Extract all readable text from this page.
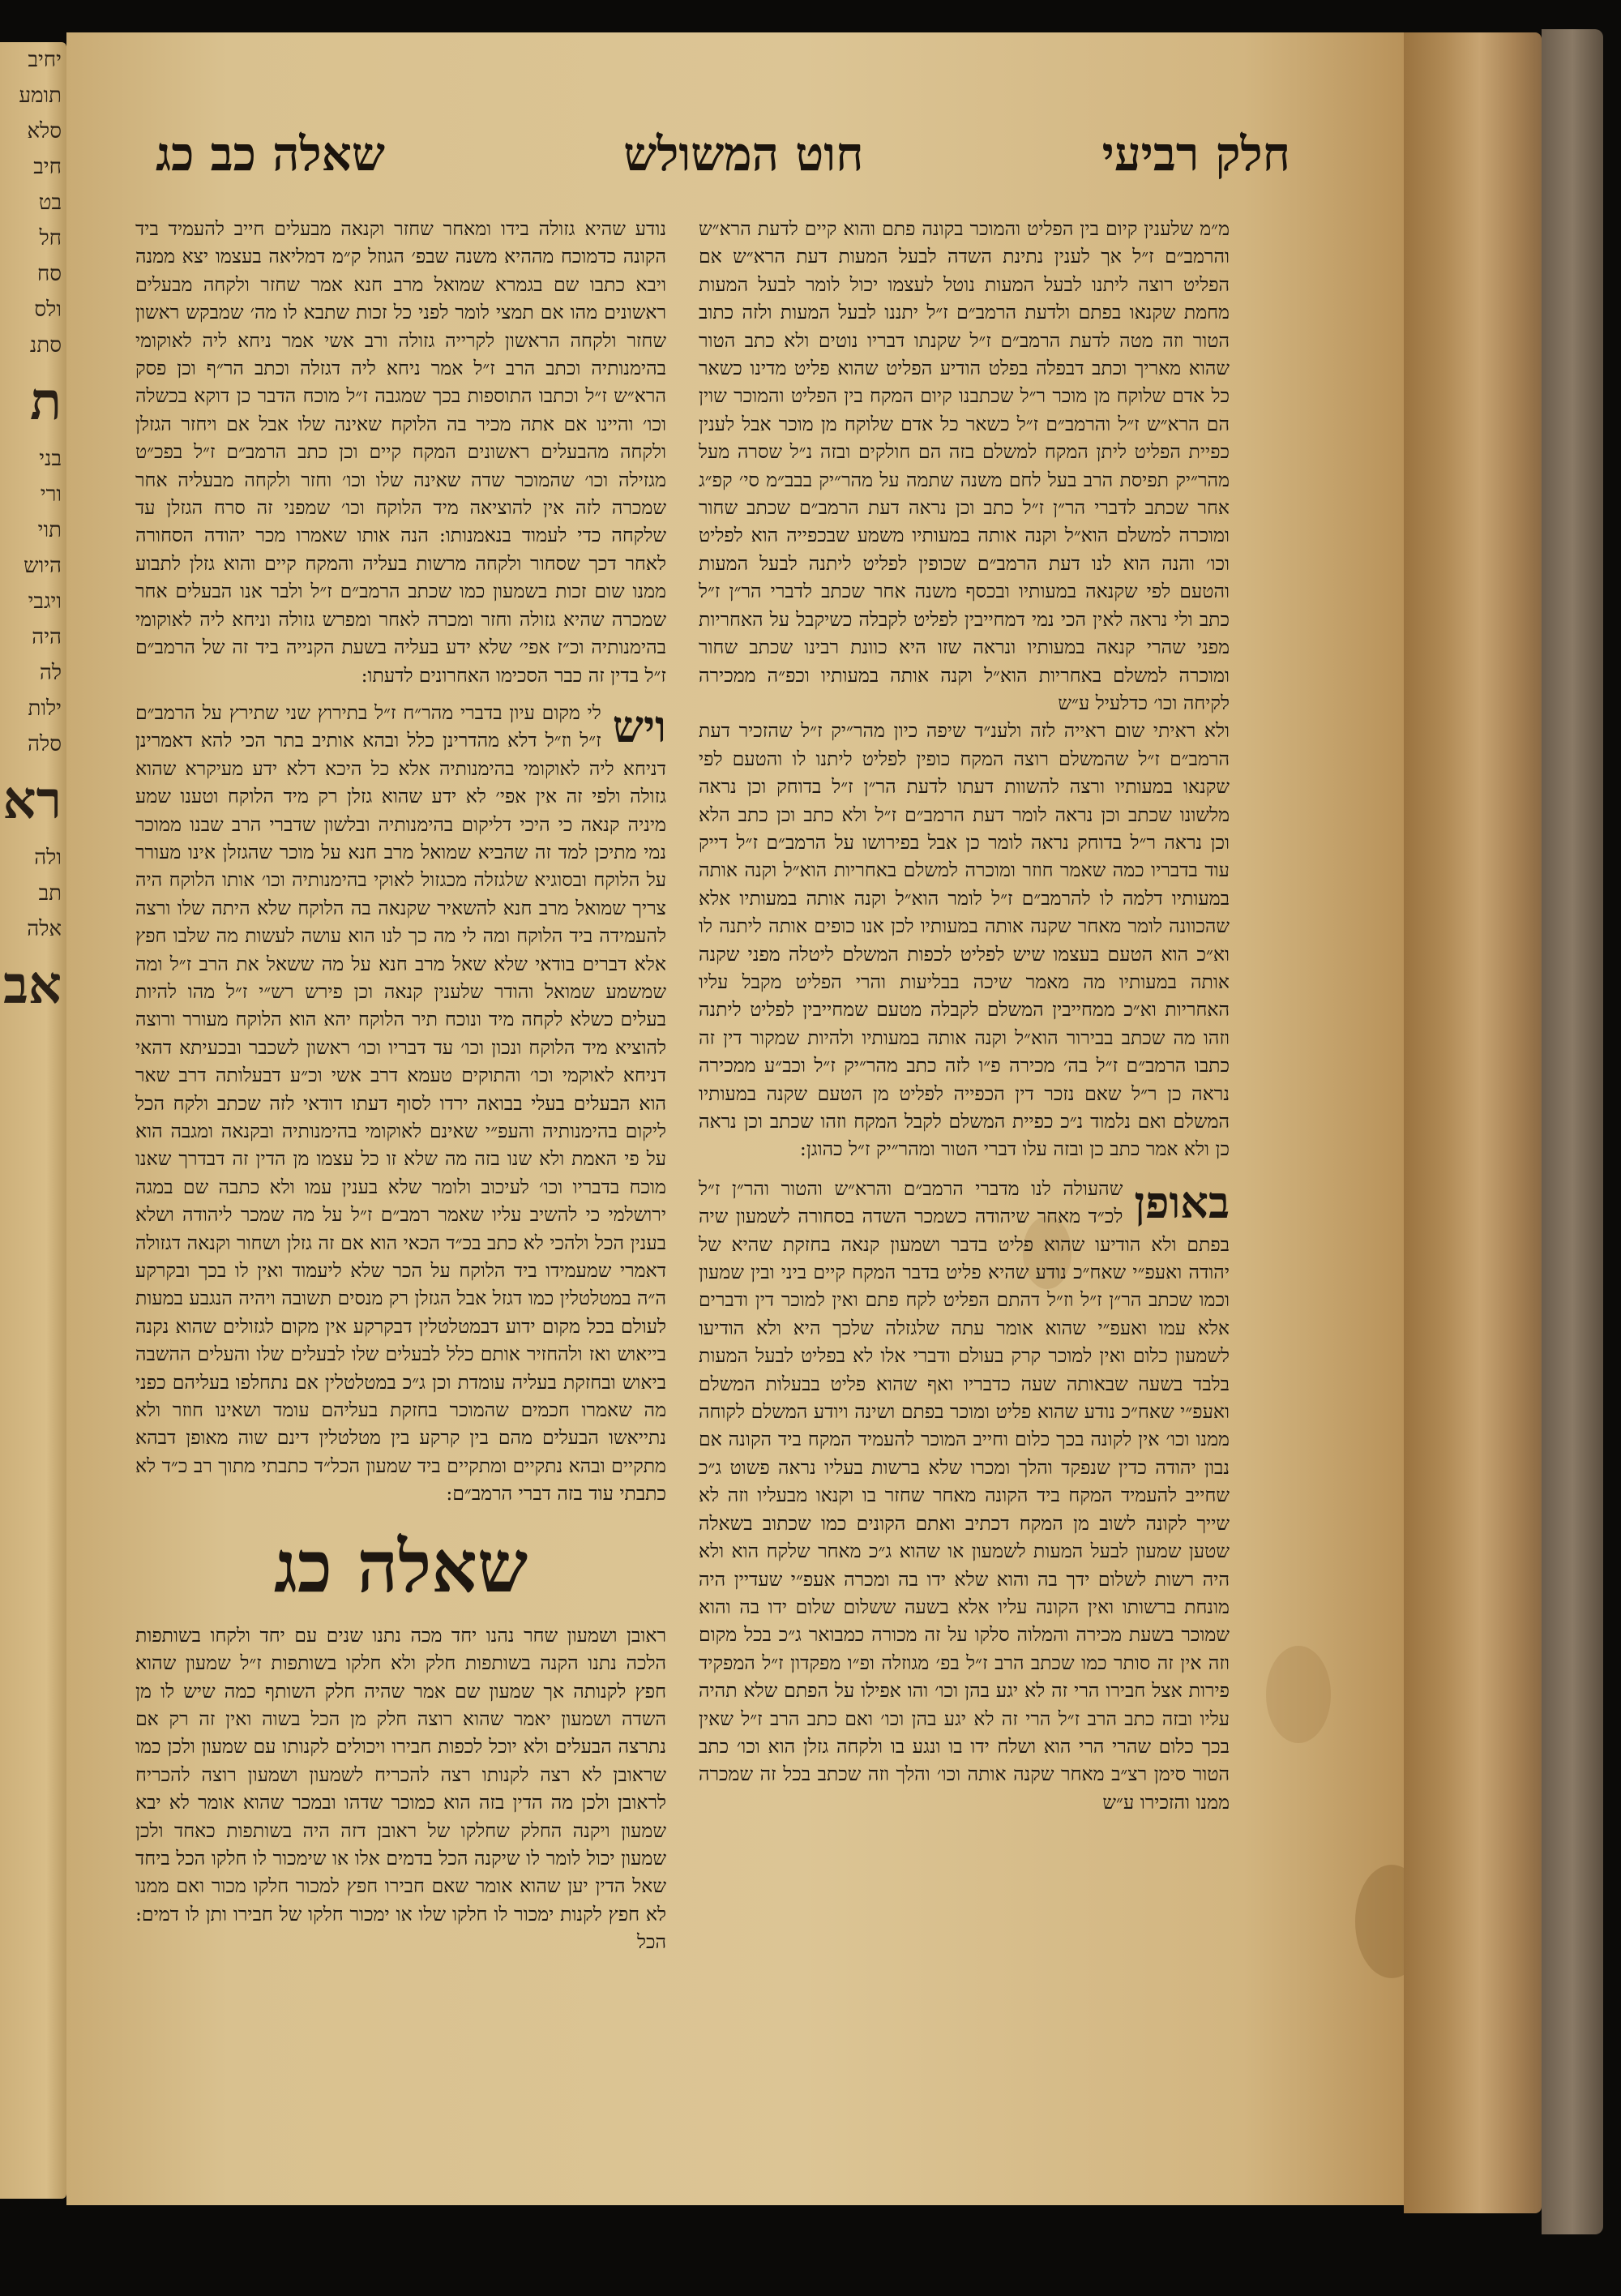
יחיב
תומע
סלא
חיב
בט
חל
סח
ולס
סתנ
ת
בני
ורי
תוי
היוש
ויגבי
היה
לה
ילות
סלה
רא
ולה
תב
אלה
אב
חלק רביעי
חוט המשולש
שאלה כב כג

מ״מ שלענין קיום בין הפליט והמוכר בקונה פתם והוא קיים לדעת הרא״ש והרמב״ם ז״ל אך לענין נתינת השדה לבעל המעות דעת הרא״ש אם הפליט רוצה ליתנו לבעל המעות נוטל לעצמו יכול לומר לבעל המעות מחמת שקנאו בפתם ולדעת הרמב״ם ז״ל יתננו לבעל המעות ולזה כתוב הטור וזה מטה לדעת הרמב״ם ז״ל שקנתו דבריו נוטים ולא כתב הטור שהוא מאריך וכתב דבפלה בפלט הודיע הפליט שהוא פליט מדינו כשאר כל אדם שלוקח מן מוכר ר״ל שכתבנו קיום המקח בין הפליט והמוכר שוין הם הרא״ש ז״ל והרמב״ם ז״ל כשאר כל אדם שלוקח מן מוכר אבל לענין כפיית הפליט ליתן המקח למשלם בזה הם חולקים ובזה נ״ל שסרה מעל מהר״יק תפיסת הרב בעל לחם משנה שתמה על מהר״יק בבב״מ סי׳ קפ״ג אחר שכתב לדברי הר״ן ז״ל כתב וכן נראה דעת הרמב״ם שכתב שחור ומוכרה למשלם הוא״ל וקנה אותה במעותיו משמע שבכפייה הוא לפליט וכו׳ והנה הוא לנו דעת הרמב״ם שכופין לפליט ליתנה לבעל המעות והטעם לפי שקנאה במעותיו ובכסף משנה אחר שכתב לדברי הר״ן ז״ל כתב ולי נראה לאין הכי נמי דמחייבין לפליט לקבלה כשיקבל על האחריות מפני שהרי קנאה במעותיו ונראה שזו היא כוונת רבינו שכתב שחור ומוכרה למשלם באחריות הוא״ל וקנה אותה במעותיו וכפ״ה ממכירה לקיחה וכו׳ כדלעיל ע״ש

ולא ראיתי שום ראייה לזה ולענ״ד שיפה כיון מהר״יק ז״ל שהזכיר דעת הרמב״ם ז״ל שהמשלם רוצה המקח כופין לפליט ליתנו לו והטעם לפי שקנאו במעותיו ורצה להשוות דעתו לדעת הר״ן ז״ל בדוחק וכן נראה מלשונו שכתב וכן נראה לומר דעת הרמב״ם ז״ל ולא כתב וכן כתב הלא וכן נראה ר״ל בדוחק נראה לומר כן אבל בפירושו על הרמב״ם ז״ל דייק עוד בדבריו כמה שאמר חוזר ומוכרה למשלם באחריות הוא״ל וקנה אותה במעותיו דלמה לו להרמב״ם ז״ל לומר הוא״ל וקנה אותה במעותיו אלא שהכוונה לומר מאחר שקנה אותה במעותיו לכן אנו כופים אותה ליתנה לו וא״כ הוא הטעם בעצמו שיש לפליט לכפות המשלם ליטלה מפני שקנה אותה במעותיו מה מאמר שיכה בבליעות והרי הפליט מקבל עליו האחריות וא״כ ממחייבין המשלם לקבלה מטעם שמחייבין לפליט ליתנה וזהו מה שכתב בבירור הוא״ל וקנה אותה במעותיו ולהיות שמקור דין זה כתבו הרמב״ם ז״ל בה׳ מכירה פ״ו לזה כתב מהר״יק ז״ל וכב״ע ממכירה נראה כן ר״ל שאם נזכר דין הכפייה לפליט מן הטעם שקנה במעותיו המשלם ואם נלמוד נ״כ כפיית המשלם לקבל המקח וזהו שכתב וכן נראה כן ולא אמר כתב כן ובזה עלו דברי הטור ומהר״יק ז״ל כהוגן:

באופן
שהעולה לנו מדברי הרמב״ם והרא״ש והטור והר״ן ז״ל לכ״ד מאחר שיהודה כשמכר השדה בסחורה לשמעון שיה בפתם ולא הודיעו שהוא פליט בדבר ושמעון קנאה בחזקת שהיא של יהודה ואעפ״י שאח״כ נודע שהיא פליט בדבר המקח קיים ביני ובין שמעון וכמו שכתב הר״ן ז״ל וז״ל דהתם הפליט לקח פתם ואין למוכר דין ודברים אלא עמו ואעפ״י שהוא אומר עתה שלגזלה שלכך היא ולא הודיעו לשמעון כלום ואין למוכר קרק בעולם ודברי אלו לא בפליט לבעל המעות בלבד בשעה שבאותה שעה כדבריו ואף שהוא פליט בבעלות המשלם ואעפ״י שאח״כ נודע שהוא פליט ומוכר בפתם ושינה ויודע המשלם לקוחה ממנו וכו׳ אין לקונה בכך כלום וחייב המוכר להעמיד המקח ביד הקונה אם נבון יהודה כדין שנפקד והלך ומכרו שלא ברשות בעליו נראה פשוט ג״כ שחייב להעמיד המקח ביד הקונה מאחר שחזר בו וקנאו מבעליו וזה לא שייך לקונה לשוב מן המקח דכתיב ואתם הקונים כמו שכתוב בשאלה שטען שמעון לבעל המעות לשמעון או שהוא ג״כ מאחר שלקח הוא ולא היה רשות לשלום ידך בה והוא שלא ידו בה ומכרה אעפ״י שעדיין היה מונחת ברשותו ואין הקונה עליו אלא בשעה ששלום שלום ידו בה והוא שמוכר בשעת מכירה והמלוה סלקו על זה מכורה כמבואר ג״כ בכל מקום וזה אין זה סותר כמו שכתב הרב ז״ל בפ׳ מגוזלה ופ״ו מפקדון ז״ל המפקיד פירות אצל חבירו הרי זה לא יגע בהן וכו׳ והו אפילו על הפתם שלא תהיה עליו ובזה כתב הרב ז״ל הרי זה לא יגע בהן וכו׳ ואם כתב הרב ז״ל שאין בכך כלום שהרי הרי הוא ושלח ידו בו ונגע בו ולקחה גזלן הוא וכו׳ כתב הטור סימן רצ״ב מאחר שקנה אותה וכו׳ והלך וזה שכתב בכל זה שמכרה ממנו והזכירו ע״ש

נודע שהיא גזולה בידו ומאחר שחזר וקנאה מבעלים חייב להעמיד ביד הקונה כדמוכח מההיא משנה שבפ׳ הגוזל ק״מ דמליאה בעצמו יצא ממנה ויבא כתבו שם בגמרא שמואל מרב חנא אמר שחזר ולקחה מבעלים ראשונים מהו אם תמצי לומר לפני כל זכות שתבא לו מה׳ שמבקש ראשון שחזר ולקחה הראשון לקרייה גזולה ורב אשי אמר ניחא ליה לאוקומי בהימנותיה וכתב הרב ז״ל אמר ניחא ליה דגזלה וכתב הר״ף וכן פסק הרא״ש ז״ל וכתבו התוספות בכך שמגבה ז״ל מוכח הדבר כן דוקא בכשלה וכו׳ והיינו אם אתה מכיר בה הלוקח שאינה שלו אבל אם ויחזר הגזלן ולקחה מהבעלים ראשונים המקח קיים וכן כתב הרמב״ם ז״ל בפכ״ט מגזילה וכו׳ שהמוכר שדה שאינה שלו וכו׳ וחזר ולקחה מבעליה אחר שמכרה לזה אין להוציאה מיד הלוקח וכו׳ שמפני זה סרח הגזלן עד שלקחה כדי לעמוד בנאמנותו: הנה אותו שאמרו מכר יהודה הסחורה לאחר דכך שסחור ולקחה מרשות בעליה והמקח קיים והוא גזלן לתבוע ממנו שום זכות בשמעון כמו שכתב הרמב״ם ז״ל ולבר אנו הבעלים אחר שמכרה שהיא גזולה וחזר ומכרה לאחר ומפרש גזולה וניחא ליה לאוקומי בהימנותיה וכ״ז אפי׳ שלא ידע בעליה בשעת הקנייה ביד זה של הרמב״ם ז״ל בדין זה כבר הסכימו האחרונים לדעתו:

ויש
לי מקום עיון בדברי מהר״ח ז״ל בתירוץ שני שתירץ על הרמב״ם ז״ל וז״ל דלא מהדרינן כלל ובהא אותיב בתר הכי להא דאמרינן דניחא ליה לאוקומי בהימנותיה אלא כל היכא דלא ידע מעיקרא שהוא גזולה ולפי זה אין אפי׳ לא ידע שהוא גזלן רק מיד הלוקח וטענו שמע מיניה קנאה כי היכי דליקום בהימנותיה ובלשון שדברי הרב שבנו ממוכר נמי מתיכן למד זה שהביא שמואל מרב חנא על מוכר שהגזלן אינו מעורר על הלוקח ובסוגיא שלגזלה מכגזול לאוקי בהימנותיה וכו׳ אותו הלוקח היה צריך שמואל מרב חנא להשאיר שקנאה בה הלוקח שלא היתה שלו ורצה להעמידה ביד הלוקח ומה לי מה כך לנו הוא עושה לעשות מה שלבו חפץ אלא דברים בודאי שלא שאל מרב חנא על מה ששאל את הרב ז״ל ומה שמשמע שמואל והודר שלענין קנאה וכן פירש רש״י ז״ל מהו להיות בעלים כשלא לקחה מיד ונוכח תיר הלוקח יהא הוא הלוקח מעורר ורוצה להוציא מיד הלוקח ונכון וכו׳ עד דבריו וכו׳ ראשון לשכבר ובכעיתא דהאי דניחא לאוקמי וכו׳ והתוקים טעמא דרב אשי וכ״ע דבעלותה דרב שאר הוא הבעלים בעלי בבואה ירדו לסוף דעתו דודאי לזה שכתב ולקח הכל ליקום בהימנותיה והעפ״י שאינם לאוקומי בהימנותיה ובקנאה ומגבה הוא על פי האמת ולא שנו בזה מה שלא זו כל עצמו מן הדין זה דבדרך שאנו מוכח בדבריו וכו׳ לעיכוב ולומר שלא בענין עמו ולא כתבה שם במגה ירושלמי כי להשיב עליו שאמר רמב״ם ז״ל על מה שמכר ליהודה ושלא בענין הכל ולהכי לא כתב בכ״ד הכאי הוא אם זה גזלן ושחור וקנאה דגזולה דאמרי שמעמידו ביד הלוקח על הכר שלא ליעמוד ואין לו בכך ובקרקע ה״ה במטלטלין כמו דגזל אבל הגזלן רק מנסים תשובה ויהיה הנגבע במעות לעולם בכל מקום ידוע דבמטלטלין דבקרקע אין מקום לגזולים שהוא נקנה בייאוש ואז ולהחזיר אותם כלל לבעלים שלו לבעלים שלו והעלים ההשבה ביאוש ובחזקת בעליה עומדת וכן ג״כ במטלטלין אם נתחלפו בעליהם כפני מה שאמרו חכמים שהמוכר בחזקת בעליהם עומד ושאינו חוזר ולא נתייאשו הבעלים מהם בין קרקע בין מטלטלין דינם שוה מאופן דבהא מתקיים ובהא נתקיים ומתקיים ביד שמעון הכל״ד כתבתי מתוך רב כ״ד לא כתבתי עוד בזה דברי הרמב״ם:

שאלה כג

ראובן ושמעון שחר נהנו יחד מכה נתנו שנים עם יחד ולקחו בשותפות הלכה נתנו הקנה בשותפות חלק ולא חלקו בשותפות ז״ל שמעון שהוא חפץ לקנותה אך שמעון שם אמר שהיה חלק השותף כמה שיש לו מן השדה ושמעון יאמר שהוא רוצה חלק מן הכל בשוה ואין זה רק אם נתרצה הבעלים ולא יוכל לכפות חבירו ויכולים לקנותו עם שמעון ולכן כמו שראובן לא רצה לקנותו רצה להכריח לשמעון ושמעון רוצה להכריח לראובן ולכן מה הדין בזה הוא כמוכר שדהו ובמכר שהוא אומר לא יבא שמעון ויקנה החלק שחלקו של ראובן דזה היה בשותפות כאחד ולכן שמעון יכול לומר לו שיקנה הכל בדמים אלו או שימכור לו חלקו הכל ביחד שאל הדין יען שהוא אומר שאם חבירו חפץ למכור חלקו מכור ואם ממנו לא חפץ לקנות ימכור לו חלקו שלו או ימכור חלקו של חבירו ותן לו דמים: הכל
